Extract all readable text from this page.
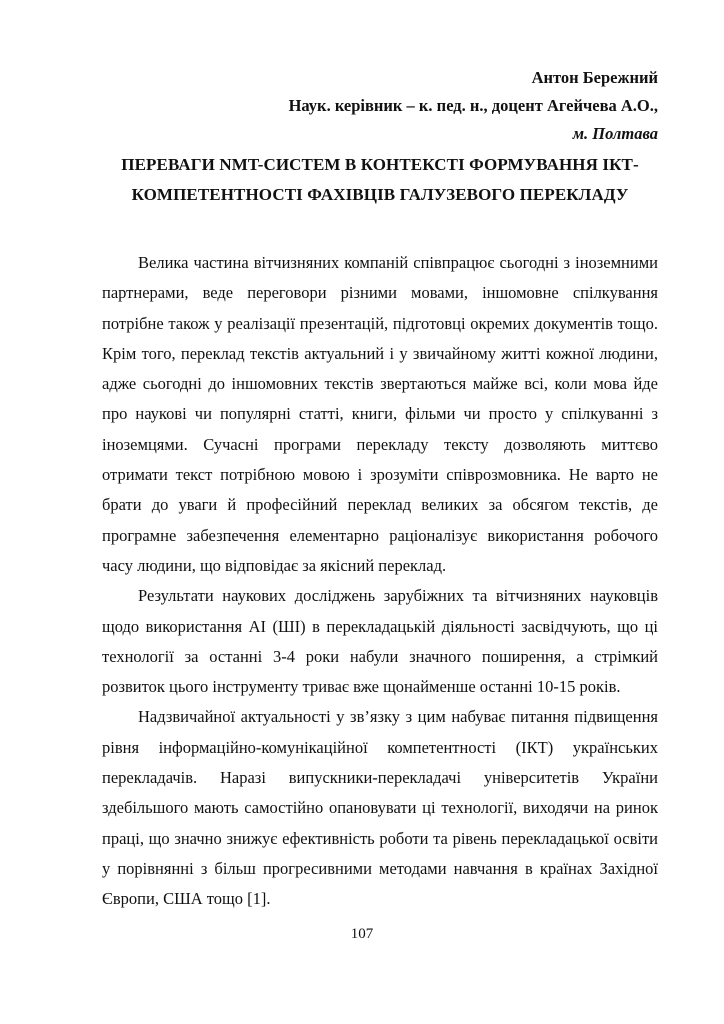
Антон Бережний
Наук. керівник – к. пед. н., доцент Агейчева А.О.,
м. Полтава
ПЕРЕВАГИ NMT-СИСТЕМ В КОНТЕКСТІ ФОРМУВАННЯ ІКТ-
КОМПЕТЕНТНОСТІ ФАХІВЦІВ ГАЛУЗЕВОГО ПЕРЕКЛАДУ

Велика частина вітчизняних компаній співпрацює сьогодні з іноземними партнерами, веде переговори різними мовами, іншомовне спілкування потрібне також у реалізації презентацій, підготовці окремих документів тощо. Крім того, переклад текстів актуальний і у звичайному житті кожної людини, адже сьогодні до іншомовних текстів звертаються майже всі, коли мова йде про наукові чи популярні статті, книги, фільми чи просто у спілкуванні з іноземцями. Сучасні програми перекладу тексту дозволяють миттєво отримати текст потрібною мовою і зрозуміти співрозмовника. Не варто не брати до уваги й професійний переклад великих за обсягом текстів, де програмне забезпечення елементарно раціоналізує використання робочого часу людини, що відповідає за якісний переклад.

Результати наукових досліджень зарубіжних та вітчизняних науковців щодо використання AI (ШІ) в перекладацькій діяльності засвідчують, що ці технології за останні 3-4 роки набули значного поширення, а стрімкий розвиток цього інструменту триває вже щонайменше останні 10-15 років.

Надзвичайної актуальності у зв’язку з цим набуває питання підвищення рівня інформаційно-комунікаційної компетентності (ІКТ) українських перекладачів. Наразі випускники-перекладачі університетів України здебільшого мають самостійно опановувати ці технології, виходячи на ринок праці, що значно знижує ефективність роботи та рівень перекладацької освіти у порівнянні з більш прогресивними методами навчання в країнах Західної Європи, США тощо [1].

107
